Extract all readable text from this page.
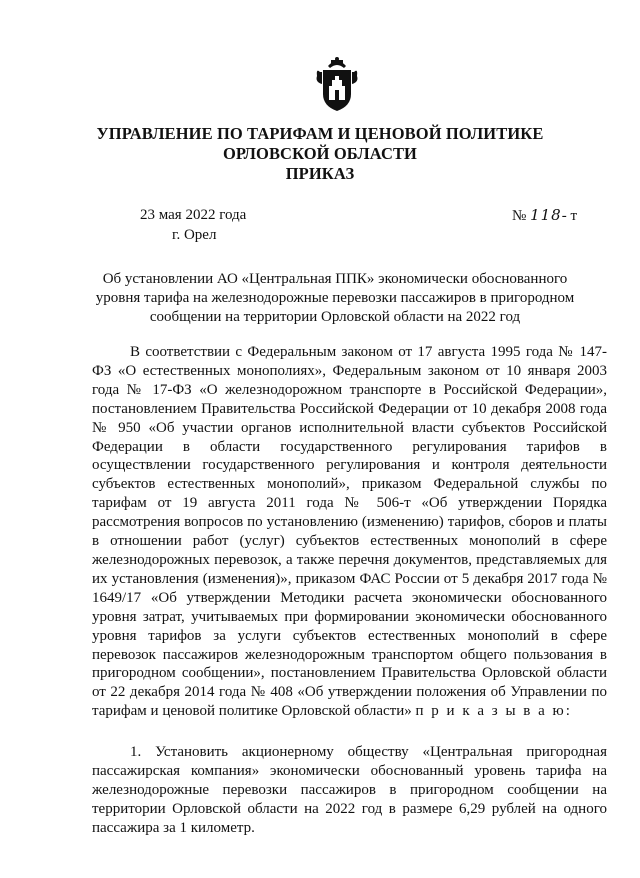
УПРАВЛЕНИЕ ПО ТАРИФАМ И ЦЕНОВОЙ ПОЛИТИКЕ
ОРЛОВСКОЙ ОБЛАСТИ
ПРИКАЗ
23 мая 2022 года
г. Орел
№ 118- т
Об установлении АО «Центральная ППК» экономически обоснованного уровня тарифа на железнодорожные перевозки пассажиров в пригородном сообщении на территории Орловской области на 2022 год

В соответствии с Федеральным законом от 17 августа 1995 года № 147-ФЗ «О естественных монополиях», Федеральным законом от 10 января 2003 года № 17-ФЗ «О железнодорожном транспорте в Российской Федерации», постановлением Правительства Российской Федерации от 10 декабря 2008 года № 950 «Об участии органов исполнительной власти субъектов Российской Федерации в области государственного регулирования тарифов в осуществлении государственного регулирования и контроля деятельности субъектов естественных монополий», приказом Федеральной службы по тарифам от 19 августа 2011 года № 506-т «Об утверждении Порядка рассмотрения вопросов по установлению (изменению) тарифов, сборов и платы в отношении работ (услуг) субъектов естественных монополий в сфере железнодорожных перевозок, а также перечня документов, представляемых для их установления (изменения)», приказом ФАС России от 5 декабря 2017 года № 1649/17 «Об утверждении Методики расчета экономически обоснованного уровня затрат, учитываемых при формировании экономически обоснованного уровня тарифов за услуги субъектов естественных монополий в сфере перевозок пассажиров железнодорожным транспортом общего пользования в пригородном сообщении», постановлением Правительства Орловской области от 22 декабря 2014 года № 408 «Об утверждении положения об Управлении по тарифам и ценовой политике Орловской области» п р и к а з ы в а ю:

1. Установить акционерному обществу «Центральная пригородная пассажирская компания» экономически обоснованный уровень тарифа на железнодорожные перевозки пассажиров в пригородном сообщении на территории Орловской области на 2022 год в размере 6,29 рублей на одного пассажира за 1 километр.
